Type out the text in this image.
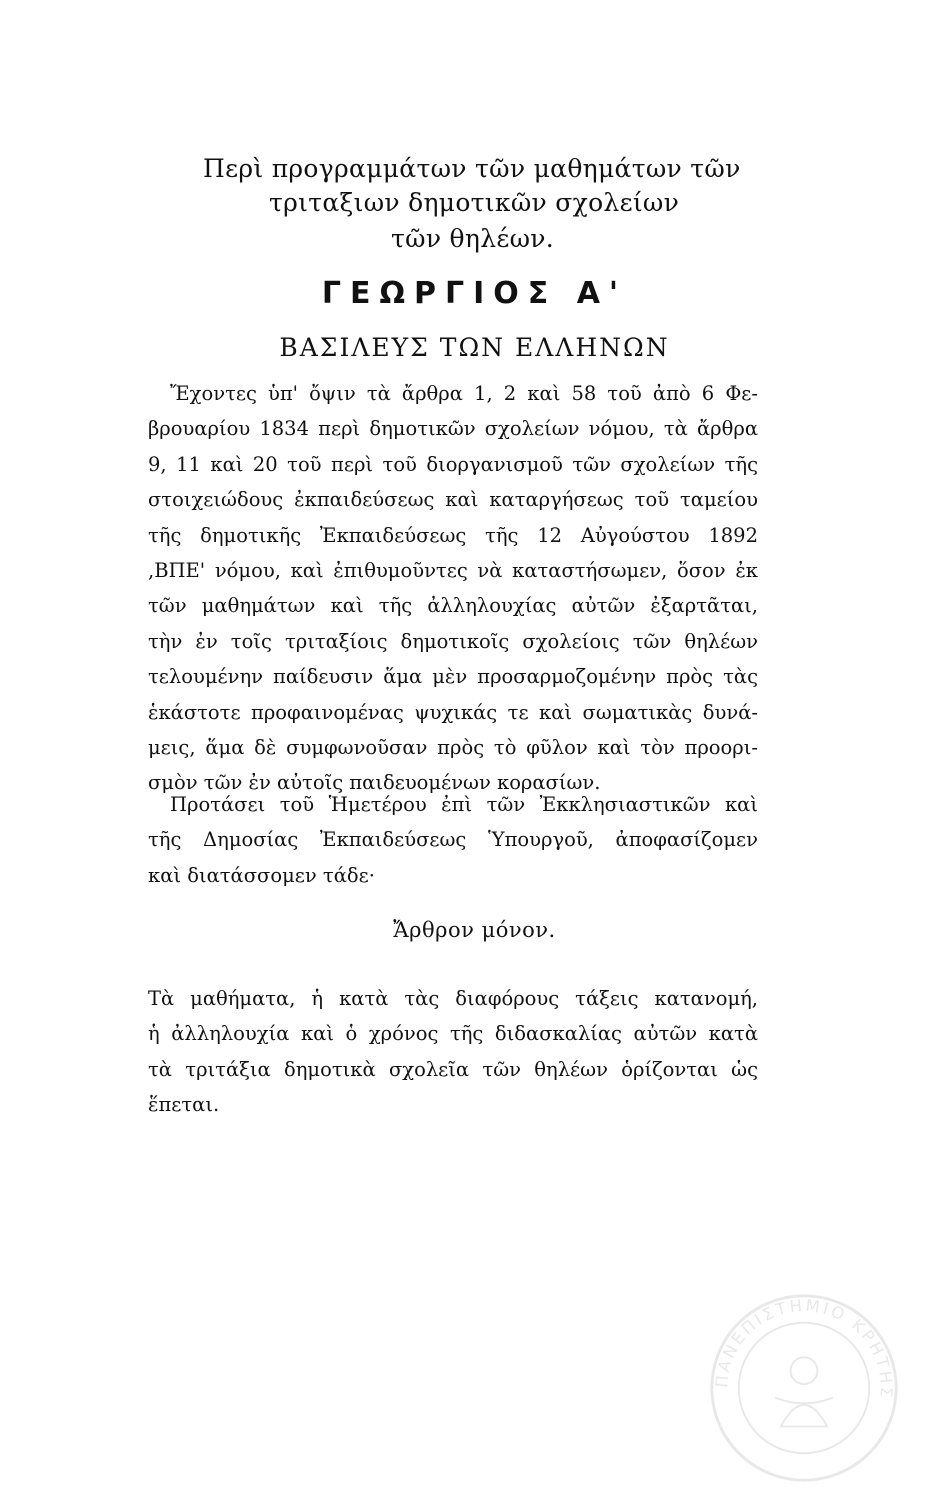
Περὶ προγραμμάτων τῶν μαθημάτων τῶν
τριταξιων δημοτικῶν σχολείων
τῶν θηλέων.
ΓΕΩΡΓΙΟΣ Α'
ΒΑΣΙΛΕΥΣ ΤΩΝ ΕΛΛΗΝΩΝ
Ἔχοντες ὑπ' ὄψιν τὰ ἄρθρα 1, 2 καὶ 58 τοῦ ἀπὸ 6 Φε-
βρουαρίου 1834 περὶ δημοτικῶν σχολείων νόμου, τὰ ἄρθρα
9, 11 καὶ 20 τοῦ περὶ τοῦ διοργανισμοῦ τῶν σχολείων τῆς
στοιχειώδους ἐκπαιδεύσεως καὶ καταργήσεως τοῦ ταμείου
τῆς δημοτικῆς Ἐκπαιδεύσεως τῆς 12 Αὐγούστου 1892
,ΒΠΕ' νόμου, καὶ ἐπιθυμοῦντες νὰ καταστήσωμεν, ὅσον ἐκ
τῶν μαθημάτων καὶ τῆς ἀλληλουχίας αὐτῶν ἐξαρτᾶται,
τὴν ἐν τοῖς τριταξίοις δημοτικοῖς σχολείοις τῶν θηλέων
τελουμένην παίδευσιν ἅμα μὲν προσαρμοζομένην πρὸς τὰς
ἑκάστοτε προφαινομένας ψυχικάς τε καὶ σωματικὰς δυνά-
μεις, ἅμα δὲ συμφωνοῦσαν πρὸς τὸ φῦλον καὶ τὸν προορι-
σμὸν τῶν ἐν αὐτοῖς παιδευομένων κορασίων.
Προτάσει τοῦ Ἡμετέρου ἐπὶ τῶν Ἐκκλησιαστικῶν καὶ
τῆς Δημοσίας Ἐκπαιδεύσεως Ὑπουργοῦ, ἀποφασίζομεν
καὶ διατάσσομεν τάδε·
Ἄρθρον μόνον.
Τὰ μαθήματα, ἡ κατὰ τὰς διαφόρους τάξεις κατανομή,
ἡ ἀλληλουχία καὶ ὁ χρόνος τῆς διδασκαλίας αὐτῶν κατὰ
τὰ τριτάξια δημοτικὰ σχολεῖα τῶν θηλέων ὁρίζονται ὡς
ἕπεται.
ΠΑΝΕΠΙΣΤΗΜΙΟ ΚΡΗΤΗΣ
